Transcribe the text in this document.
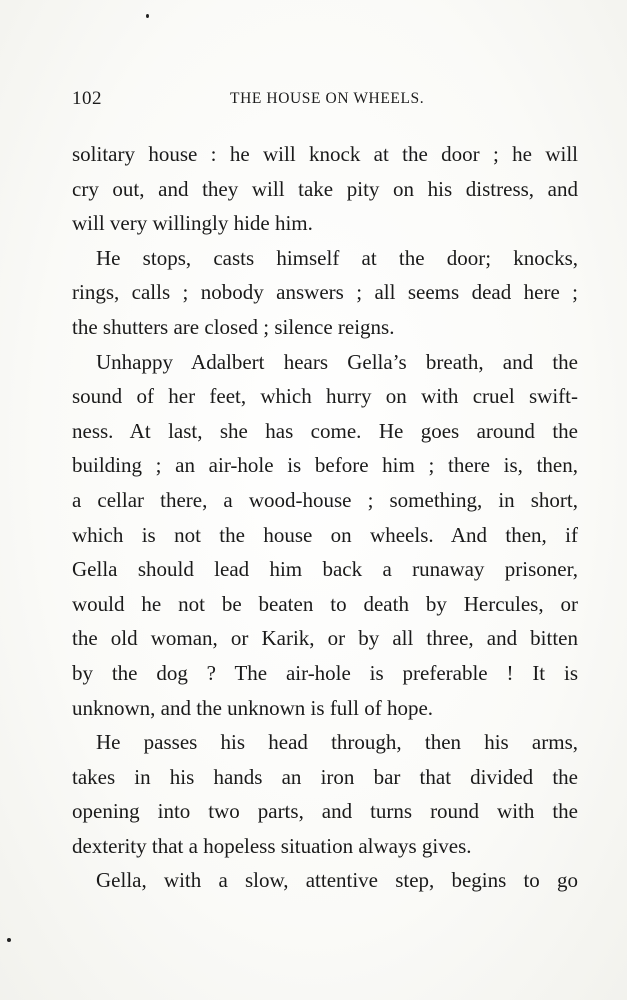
102	THE HOUSE ON WHEELS.
solitary house : he will knock at the door ; he will
cry out, and they will take pity on his distress, and
will very willingly hide him.
He stops, casts himself at the door; knocks,
rings, calls ; nobody answers ; all seems dead here ;
the shutters are closed ; silence reigns.
Unhappy Adalbert hears Gella’s breath, and the
sound of her feet, which hurry on with cruel swift-
ness. At last, she has come. He goes around the
building ; an air-hole is before him ; there is, then,
a cellar there, a wood-house ; something, in short,
which is not the house on wheels. And then, if
Gella should lead him back a runaway prisoner,
would he not be beaten to death by Hercules, or
the old woman, or Karik, or by all three, and bitten
by the dog ? The air-hole is preferable ! It is
unknown, and the unknown is full of hope.
He passes his head through, then his arms,
takes in his hands an iron bar that divided the
opening into two parts, and turns round with the
dexterity that a hopeless situation always gives.
Gella, with a slow, attentive step, begins to go
